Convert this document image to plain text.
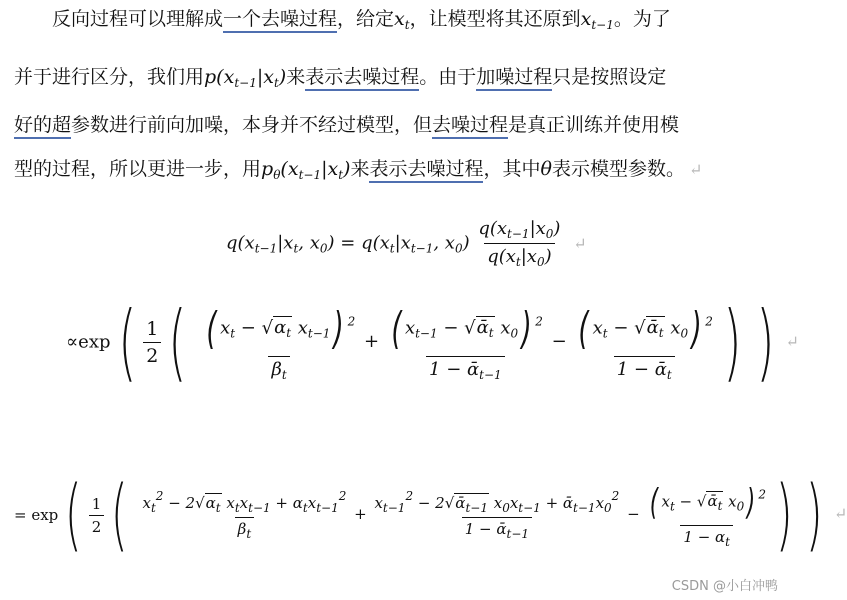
反向过程可以理解成一个去噪过程，给定$x_t$，让模型将其还原到$x_{t-1}$。为了
并于进行区分，我们用$p(x_{t-1}|x_t)$来表示去噪过程。由于加噪过程只是按照设定
好的超参数进行前向加噪，本身并不经过模型，但去噪过程是真正训练并使用模
型的过程，所以更进一步，用$p_\theta(x_{t-1}|x_t)$来表示去噪过程，其中θ表示模型参数。 ↵
$q(x_{t-1}|x_t$, $x_0) = q(x_t|x_{t-1}$, $x_0) \frac{q(x_{t-1}|x_0)}{q(x_t|x_0)}$ ↵
$\propto\exp( \frac{1}{2}$ ( $\frac{( x_t - √\alpha_t x_{t-1}) ^2}{\beta_t} + \frac{( x_{t-1} - √ᾱ_t x_0) ^2}{1 - ᾱ_{t-1}} - \frac{( x_t - √ᾱ_t x_0) ^2}{1 - ᾱ_t}$ ) ) ↵
= $\exp( \frac{1}{2}$ ( $\frac{x_t^2 - 2√\alpha_t x_tx_{t-1} + \alpha_tx_{t-1}^2}{\beta_t} + \frac{x_{t-1}^2 - 2√ᾱ_{t-1} x_0x_{t-1} + ᾱ_{t-1}x_0^2}{1 - ᾱ_{t-1}} - \frac{( x_t - √ᾱ_t x_0) ^2}{1 - \alpha_t}$ ) ) ↵
CSDN @小白冲鸭
